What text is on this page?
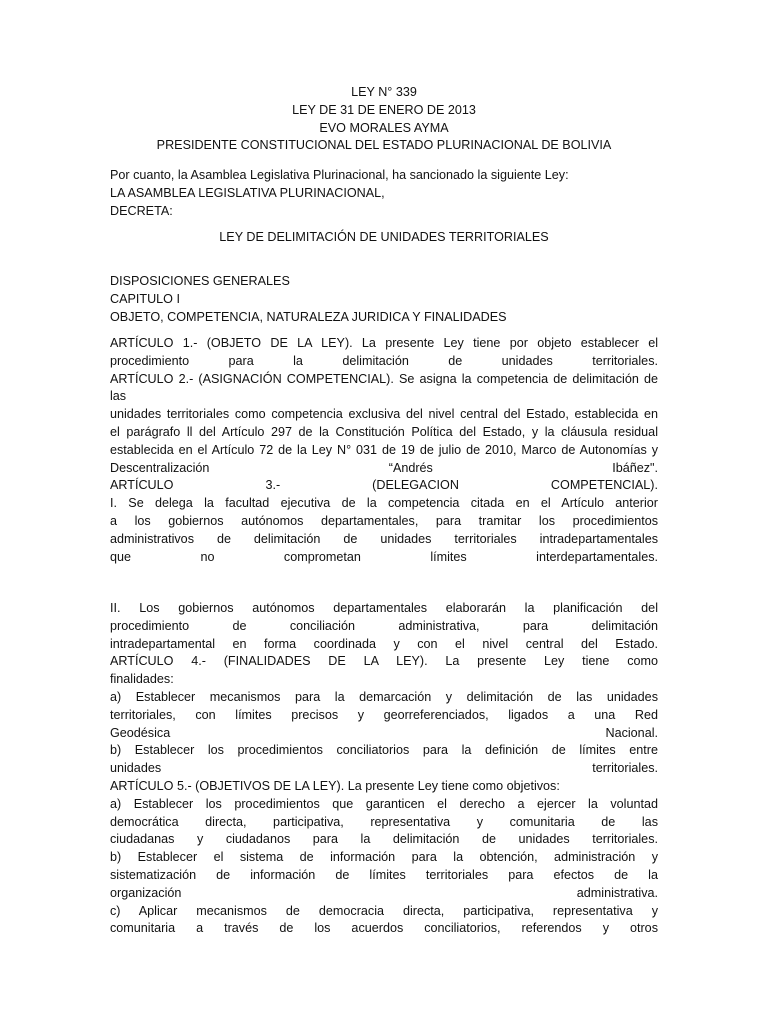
LEY N° 339

LEY DE 31 DE ENERO DE 2013

EVO MORALES AYMA

PRESIDENTE CONSTITUCIONAL DEL ESTADO PLURINACIONAL DE BOLIVIA

Por cuanto, la Asamblea Legislativa Plurinacional, ha sancionado la siguiente Ley:

LA ASAMBLEA LEGISLATIVA PLURINACIONAL,

DECRETA:

LEY DE DELIMITACIÓN DE UNIDADES TERRITORIALES

DISPOSICIONES GENERALES

CAPITULO I

OBJETO, COMPETENCIA, NATURALEZA JURIDICA Y FINALIDADES

ARTÍCULO 1.- (OBJETO DE LA LEY). La presente Ley tiene por objeto establecer el

procedimiento para la delimitación de unidades territoriales.

ARTÍCULO 2.- (ASIGNACIÓN COMPETENCIAL). Se asigna la competencia de delimitación de las

unidades territoriales como competencia exclusiva del nivel central del Estado, establecida en

el parágrafo ll del Artículo 297 de la Constitución Política del Estado, y la cláusula residual

establecida en el Artículo 72 de la Ley N° 031 de 19 de julio de 2010, Marco de Autonomías y

Descentralización “Andrés Ibáñez".

ARTÍCULO 3.- (DELEGACION COMPETENCIAL).

I. Se delega la facultad ejecutiva de la competencia citada en el Artículo anterior

a los gobiernos autónomos departamentales, para tramitar los procedimientos

administrativos de delimitación de unidades territoriales intradepartamentales

que no comprometan límites interdepartamentales.

II. Los gobiernos autónomos departamentales elaborarán la planificación del

procedimiento de conciliación administrativa, para delimitación

intradepartamental en forma coordinada y con el nivel central del Estado.

ARTÍCULO 4.- (FINALIDADES DE LA LEY). La presente Ley tiene como

finalidades:

a) Establecer mecanismos para la demarcación y delimitación de las unidades

territoriales, con límites precisos y georreferenciados, ligados a una Red

Geodésica Nacional.

b) Establecer los procedimientos conciliatorios para la definición de límites entre

unidades territoriales.

ARTÍCULO 5.- (OBJETIVOS DE LA LEY). La presente Ley tiene como objetivos:

a) Establecer los procedimientos que garanticen el derecho a ejercer la voluntad

democrática directa, participativa, representativa y comunitaria de las

ciudadanas y ciudadanos para la delimitación de unidades territoriales.

b) Establecer el sistema de información para la obtención, administración y

sistematización de información de límites territoriales para efectos de la

organización administrativa.

c) Aplicar mecanismos de democracia directa, participativa, representativa y

comunitaria a través de los acuerdos conciliatorios, referendos y otros
